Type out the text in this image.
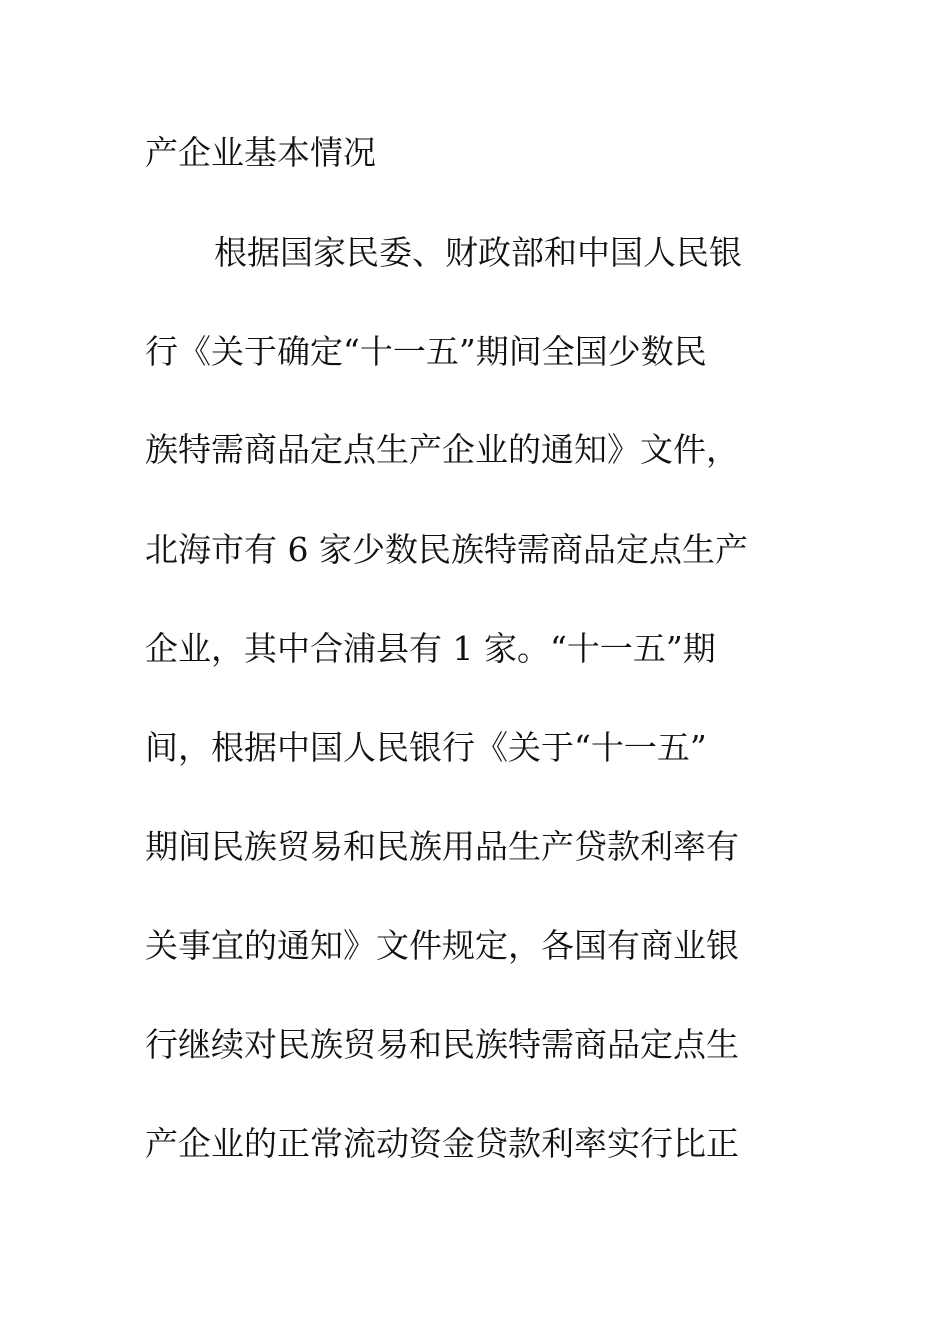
产企业基本情况
根据国家民委、财政部和中国人民银
行《关于确定“十一五”期间全国少数民
族特需商品定点生产企业的通知》文件，
北海市有 6 家少数民族特需商品定点生产
企业，其中合浦县有 1 家。“十一五”期
间，根据中国人民银行《关于“十一五”
期间民族贸易和民族用品生产贷款利率有
关事宜的通知》文件规定，各国有商业银
行继续对民族贸易和民族特需商品定点生
产企业的正常流动资金贷款利率实行比正
